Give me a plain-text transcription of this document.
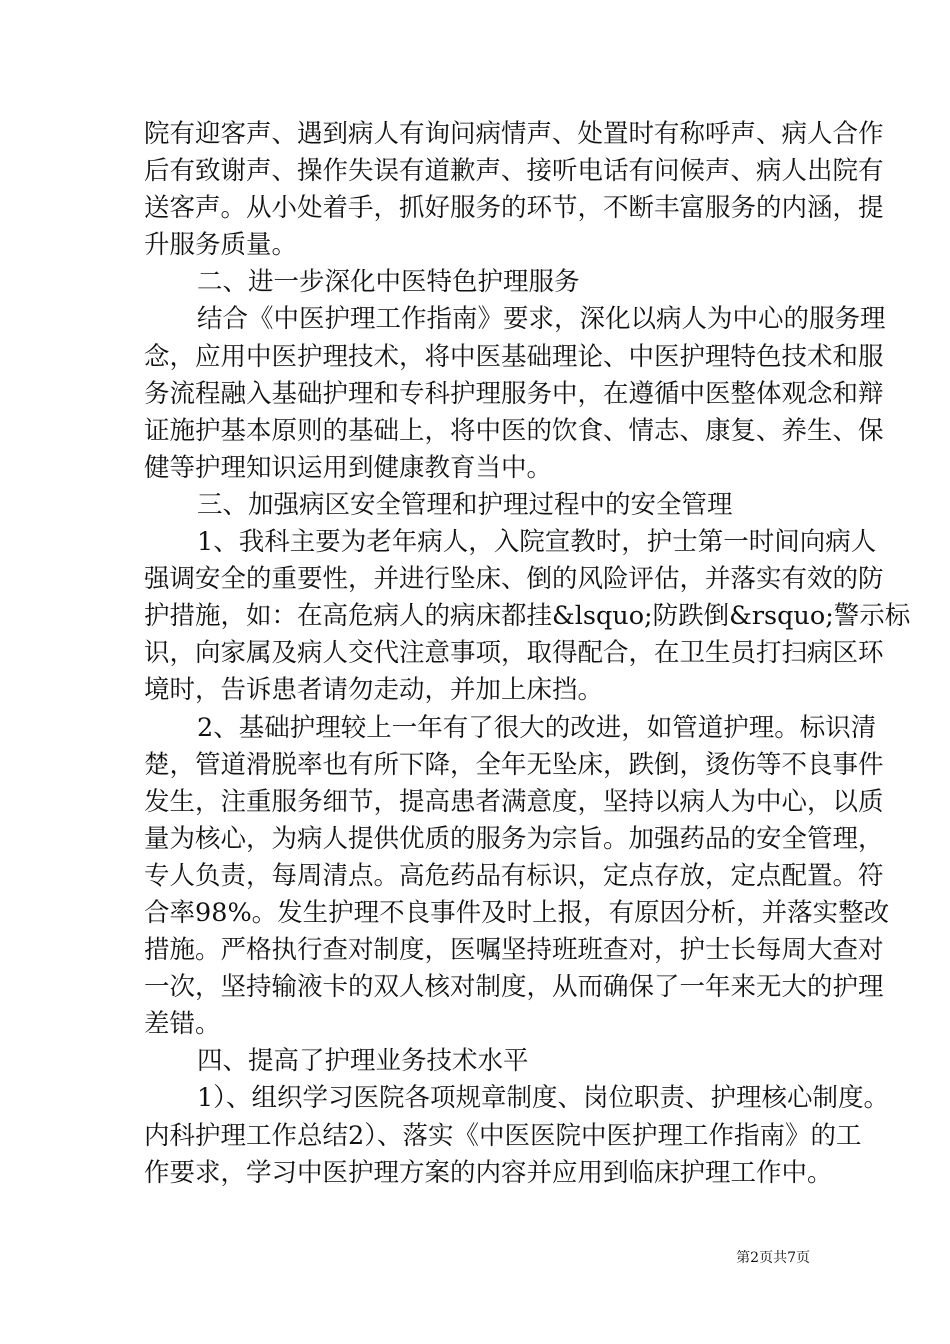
院有迎客声、遇到病人有询问病情声、处置时有称呼声、病人合作
后有致谢声、操作失误有道歉声、接听电话有问候声、病人出院有
送客声。从小处着手，抓好服务的环节，不断丰富服务的内涵，提
升服务质量。
二、进一步深化中医特色护理服务
结合《中医护理工作指南》要求，深化以病人为中心的服务理
念，应用中医护理技术，将中医基础理论、中医护理特色技术和服
务流程融入基础护理和专科护理服务中，在遵循中医整体观念和辩
证施护基本原则的基础上，将中医的饮食、情志、康复、养生、保
健等护理知识运用到健康教育当中。
三、加强病区安全管理和护理过程中的安全管理
1、我科主要为老年病人，入院宣教时，护士第一时间向病人
强调安全的重要性，并进行坠床、倒的风险评估，并落实有效的防
护措施，如：在高危病人的病床都挂&lsquo;防跌倒&rsquo;警示标
识，向家属及病人交代注意事项，取得配合，在卫生员打扫病区环
境时，告诉患者请勿走动，并加上床挡。
2、基础护理较上一年有了很大的改进，如管道护理。标识清
楚，管道滑脱率也有所下降，全年无坠床，跌倒，烫伤等不良事件
发生，注重服务细节，提高患者满意度，坚持以病人为中心，以质
量为核心，为病人提供优质的服务为宗旨。加强药品的安全管理，
专人负责，每周清点。高危药品有标识，定点存放，定点配置。符
合率98%。发生护理不良事件及时上报，有原因分析，并落实整改
措施。严格执行查对制度，医嘱坚持班班查对，护士长每周大查对
一次，坚持输液卡的双人核对制度，从而确保了一年来无大的护理
差错。
四、提高了护理业务技术水平
1）、组织学习医院各项规章制度、岗位职责、护理核心制度。
内科护理工作总结2）、落实《中医医院中医护理工作指南》的工
作要求，学习中医护理方案的内容并应用到临床护理工作中。
第2页共7页
